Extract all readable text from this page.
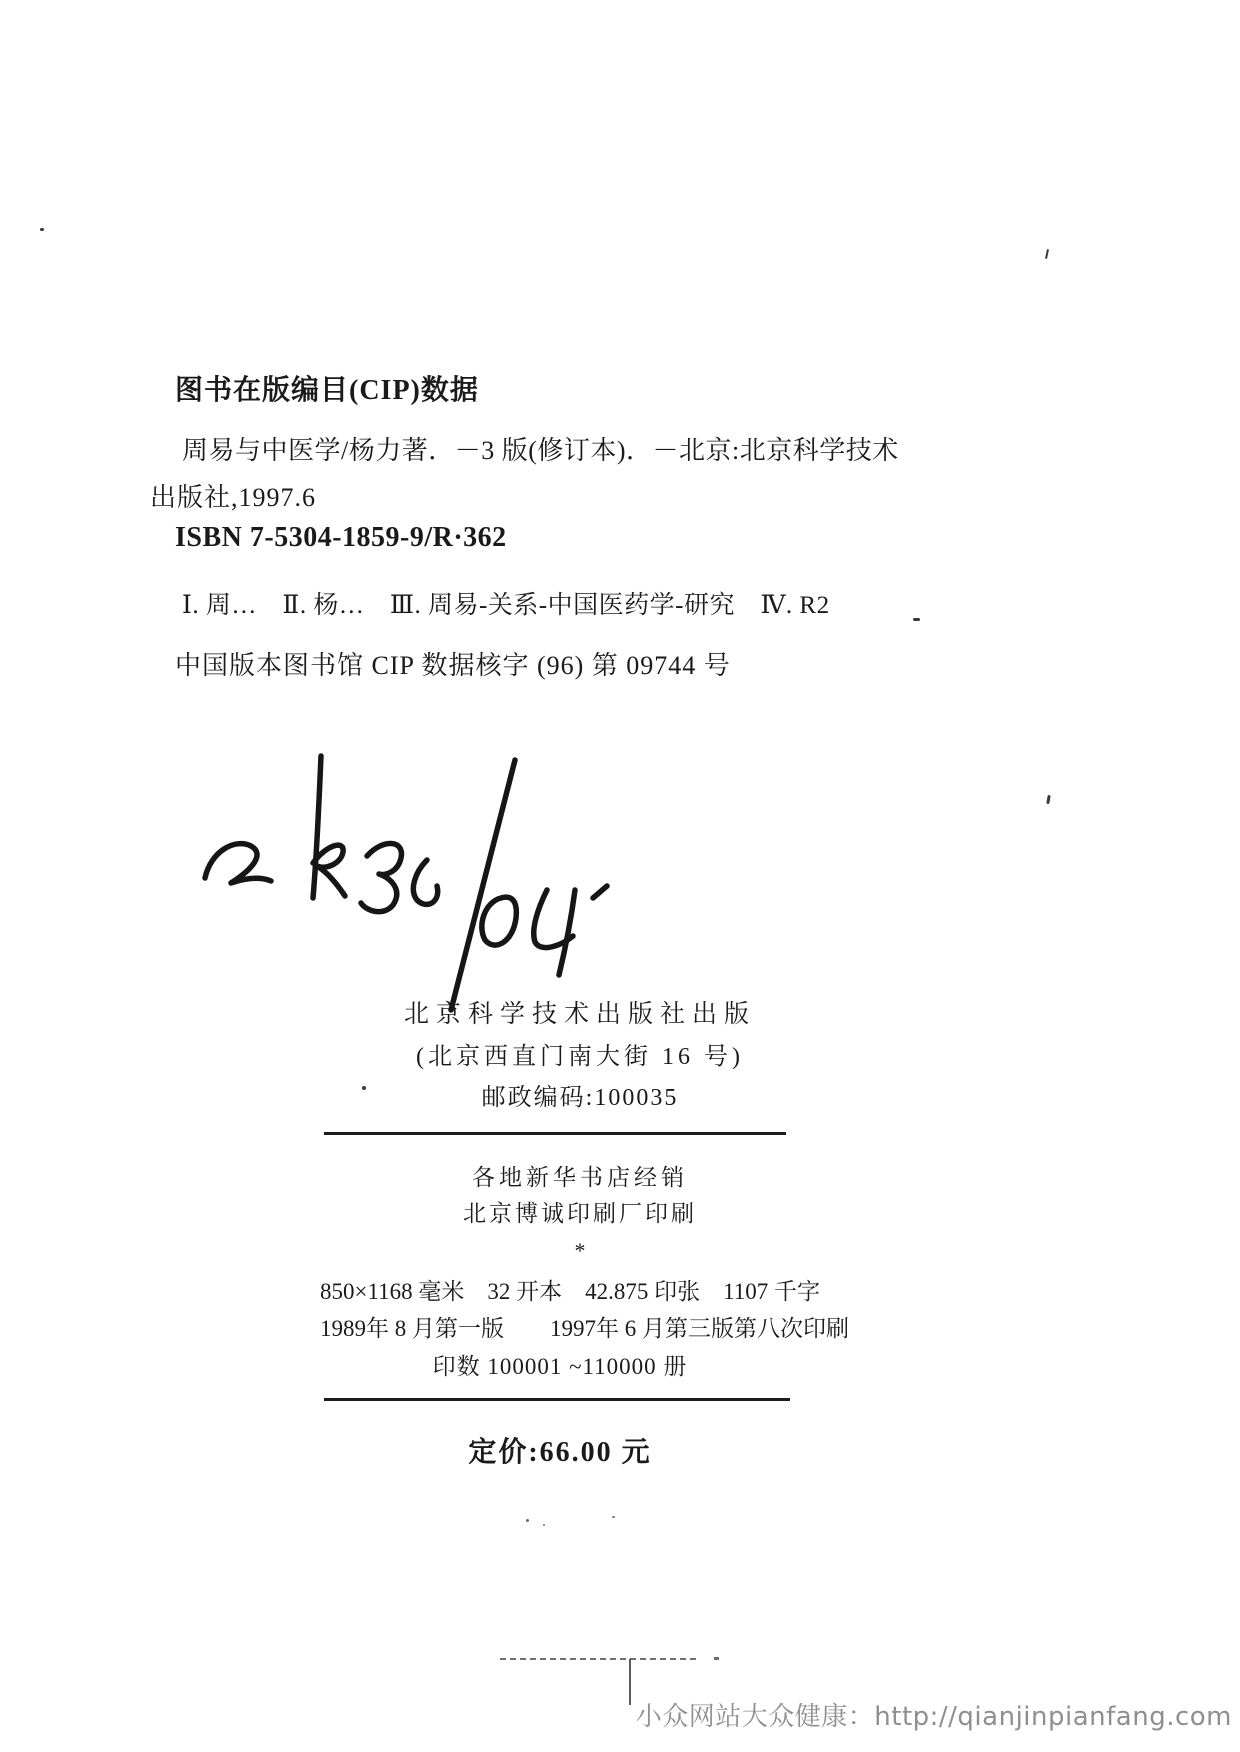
图书在版编目(CIP)数据
周易与中医学/杨力著．－3 版(修订本)．－北京:北京科学技术
出版社,1997.6
ISBN 7-5304-1859-9/R·362
Ⅰ. 周…　Ⅱ. 杨…　Ⅲ. 周易-关系-中国医药学-研究　Ⅳ. R2
中国版本图书馆 CIP 数据核字 (96) 第 09744 号
北京科学技术出版社出版
(北京西直门南大街 16 号)
邮政编码:100035
各地新华书店经销
北京博诚印刷厂印刷
*
850×1168 毫米　32 开本　42.875 印张　1107 千字
1989年 8 月第一版　　1997年 6 月第三版第八次印刷
印数 100001 ~110000 册
定价:66.00 元
小众网站大众健康：http://qianjinpianfang.com
